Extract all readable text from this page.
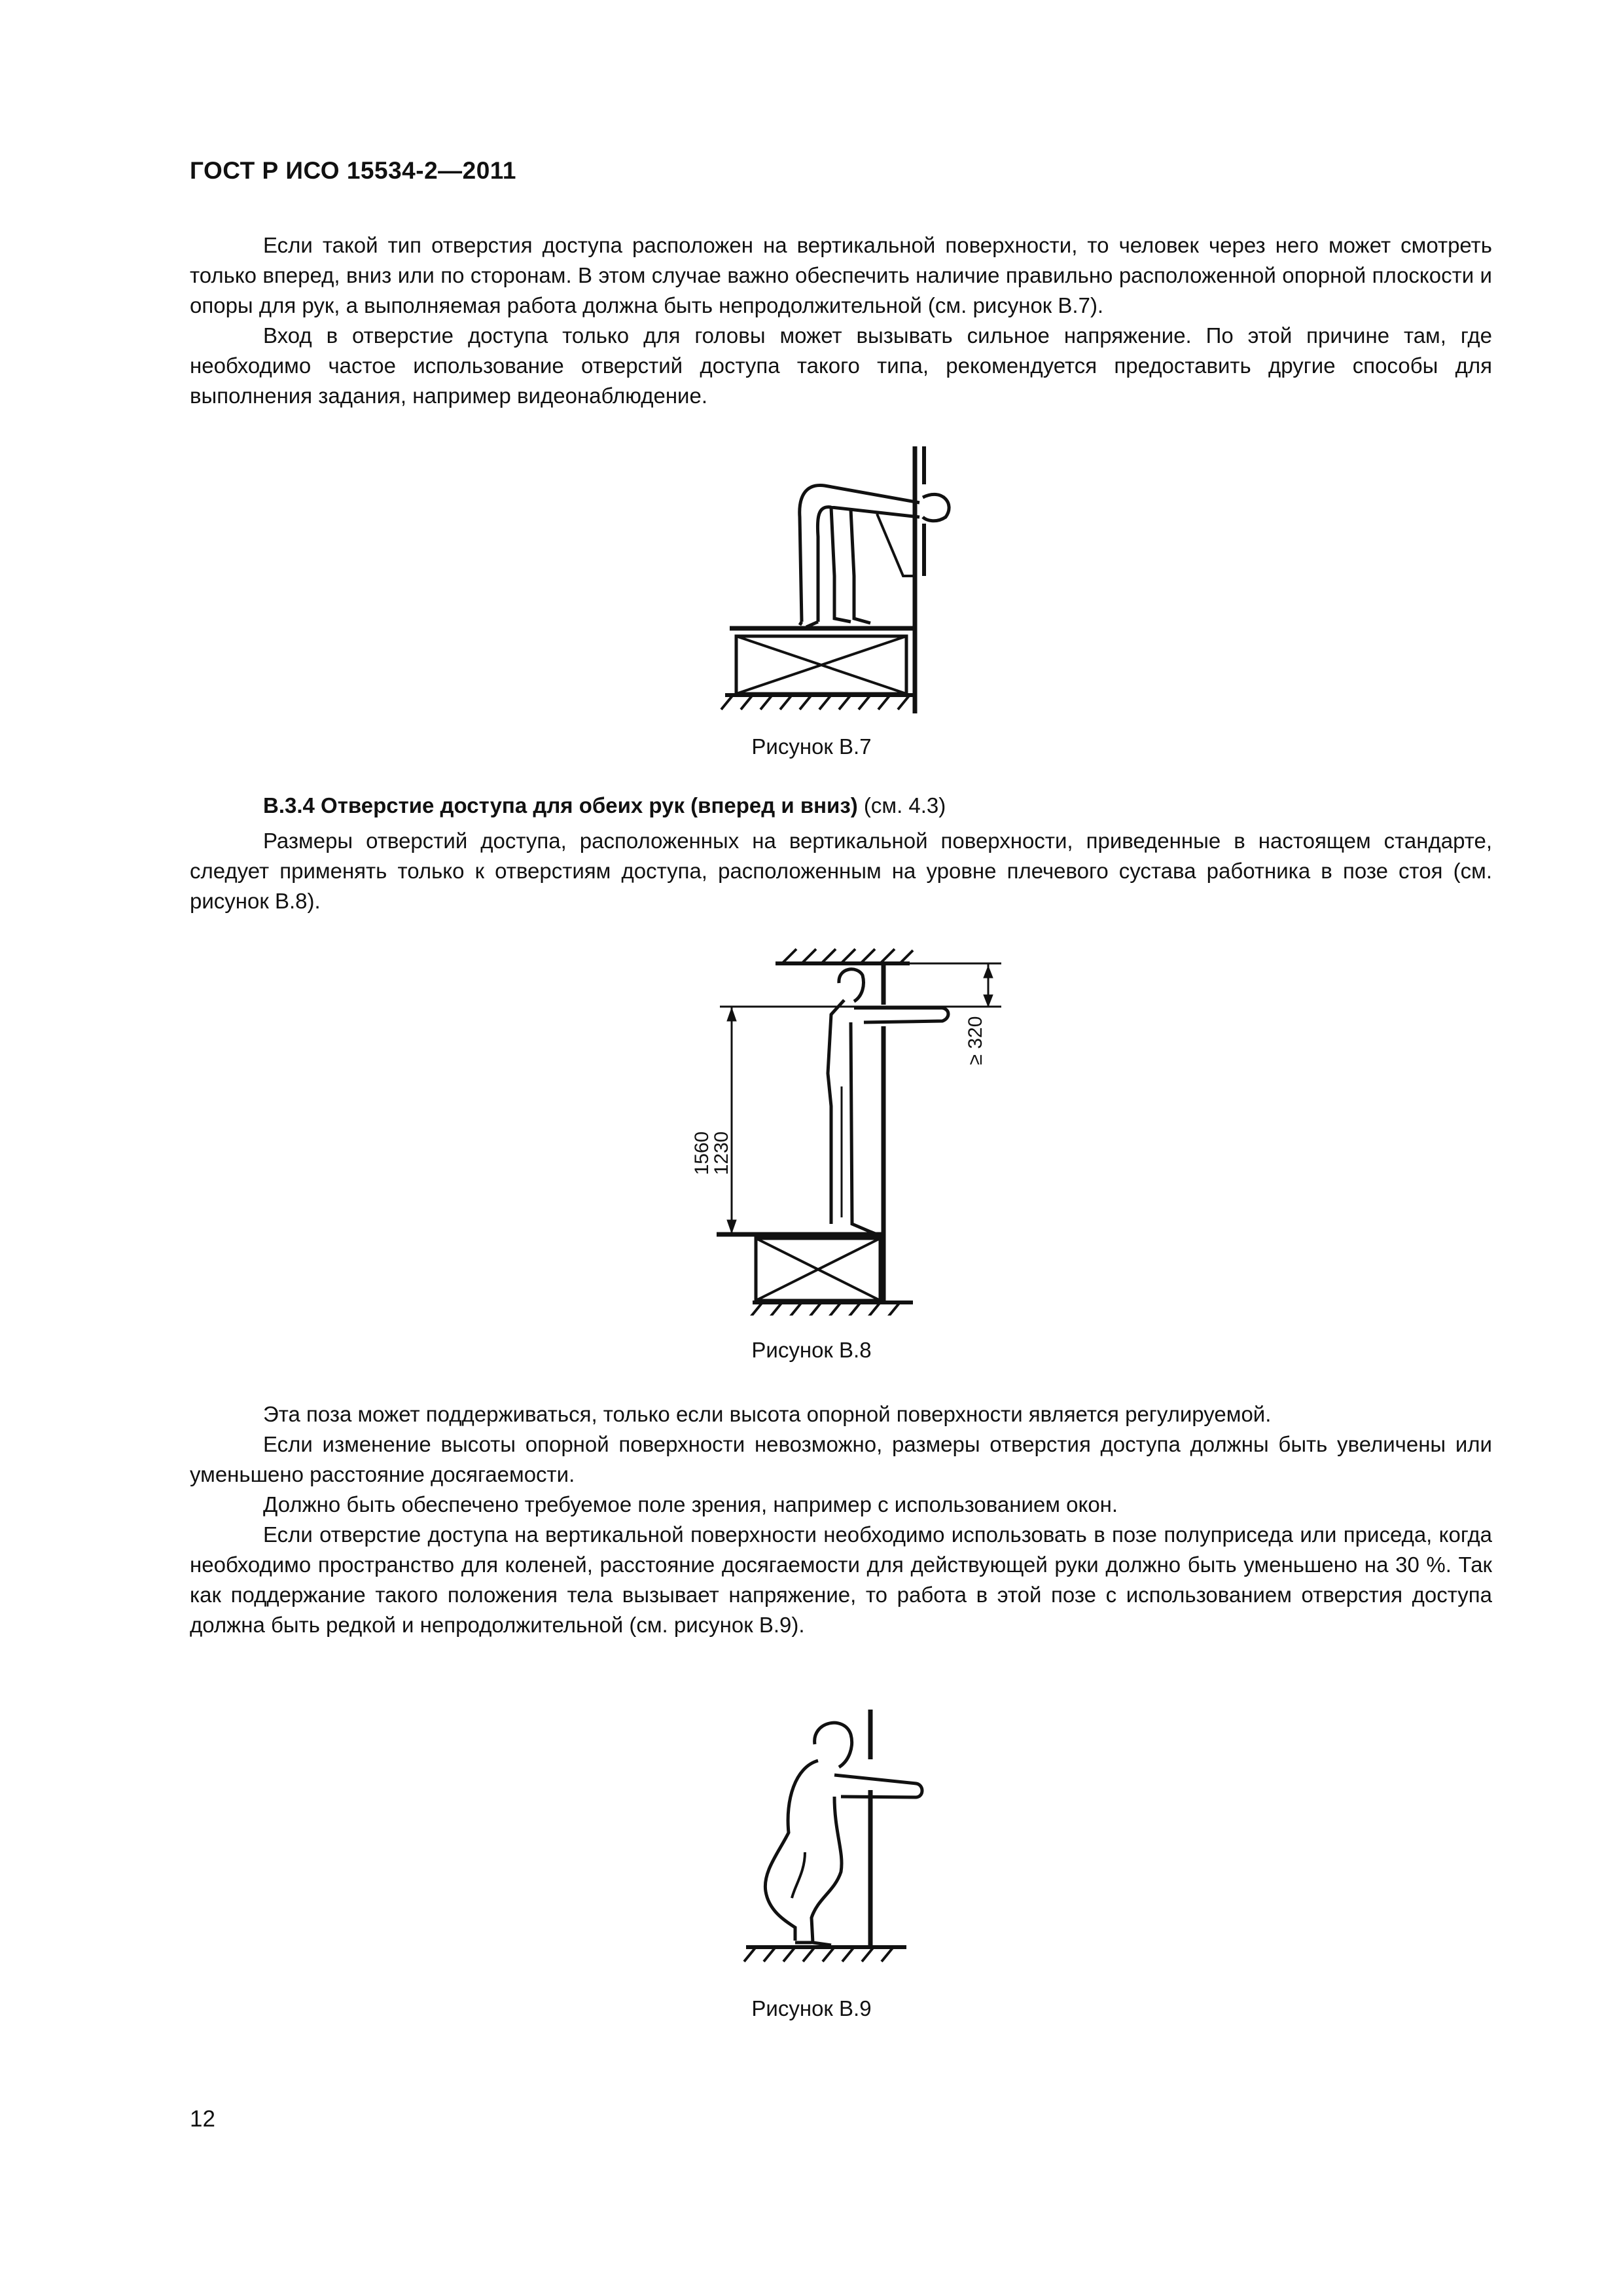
ГОСТ Р ИСО 15534-2—2011

Если такой тип отверстия доступа расположен на вертикальной поверхности, то человек через него может смотреть только вперед, вниз или по сторонам. В этом случае важно обеспечить наличие правильно расположенной опорной плоскости и опоры для рук, а выполняемая работа должна быть непродолжительной (см. рисунок В.7).

Вход в отверстие доступа только для головы может вызывать сильное напряжение. По этой причине там, где необходимо частое использование отверстий доступа такого типа, рекомендуется предоставить другие способы для выполнения задания, например видеонаблюдение.

Рисунок В.7
В.3.4 Отверстие доступа для обеих рук (вперед и вниз) (см. 4.3)

Размеры отверстий доступа, расположенных на вертикальной поверхности, приведенные в настоящем стандарте, следует применять только к отверстиям доступа, расположенным на уровне плечевого сустава работника в позе стоя (см. рисунок В.8).

1560
1230
≥ 320
Рисунок В.8

Эта поза может поддерживаться, только если высота опорной поверхности является регулируемой.

Если изменение высоты опорной поверхности невозможно, размеры отверстия доступа должны быть увеличены или уменьшено расстояние досягаемости.

Должно быть обеспечено требуемое поле зрения, например с использованием окон.

Если отверстие доступа на вертикальной поверхности необходимо использовать в позе полуприседа или приседа, когда необходимо пространство для коленей, расстояние досягаемости для действующей руки должно быть уменьшено на 30 %. Так как поддержание такого положения тела вызывает напряжение, то работа в этой позе с использованием отверстия доступа должна быть редкой и непродолжительной (см. рисунок В.9).

Рисунок В.9
12
